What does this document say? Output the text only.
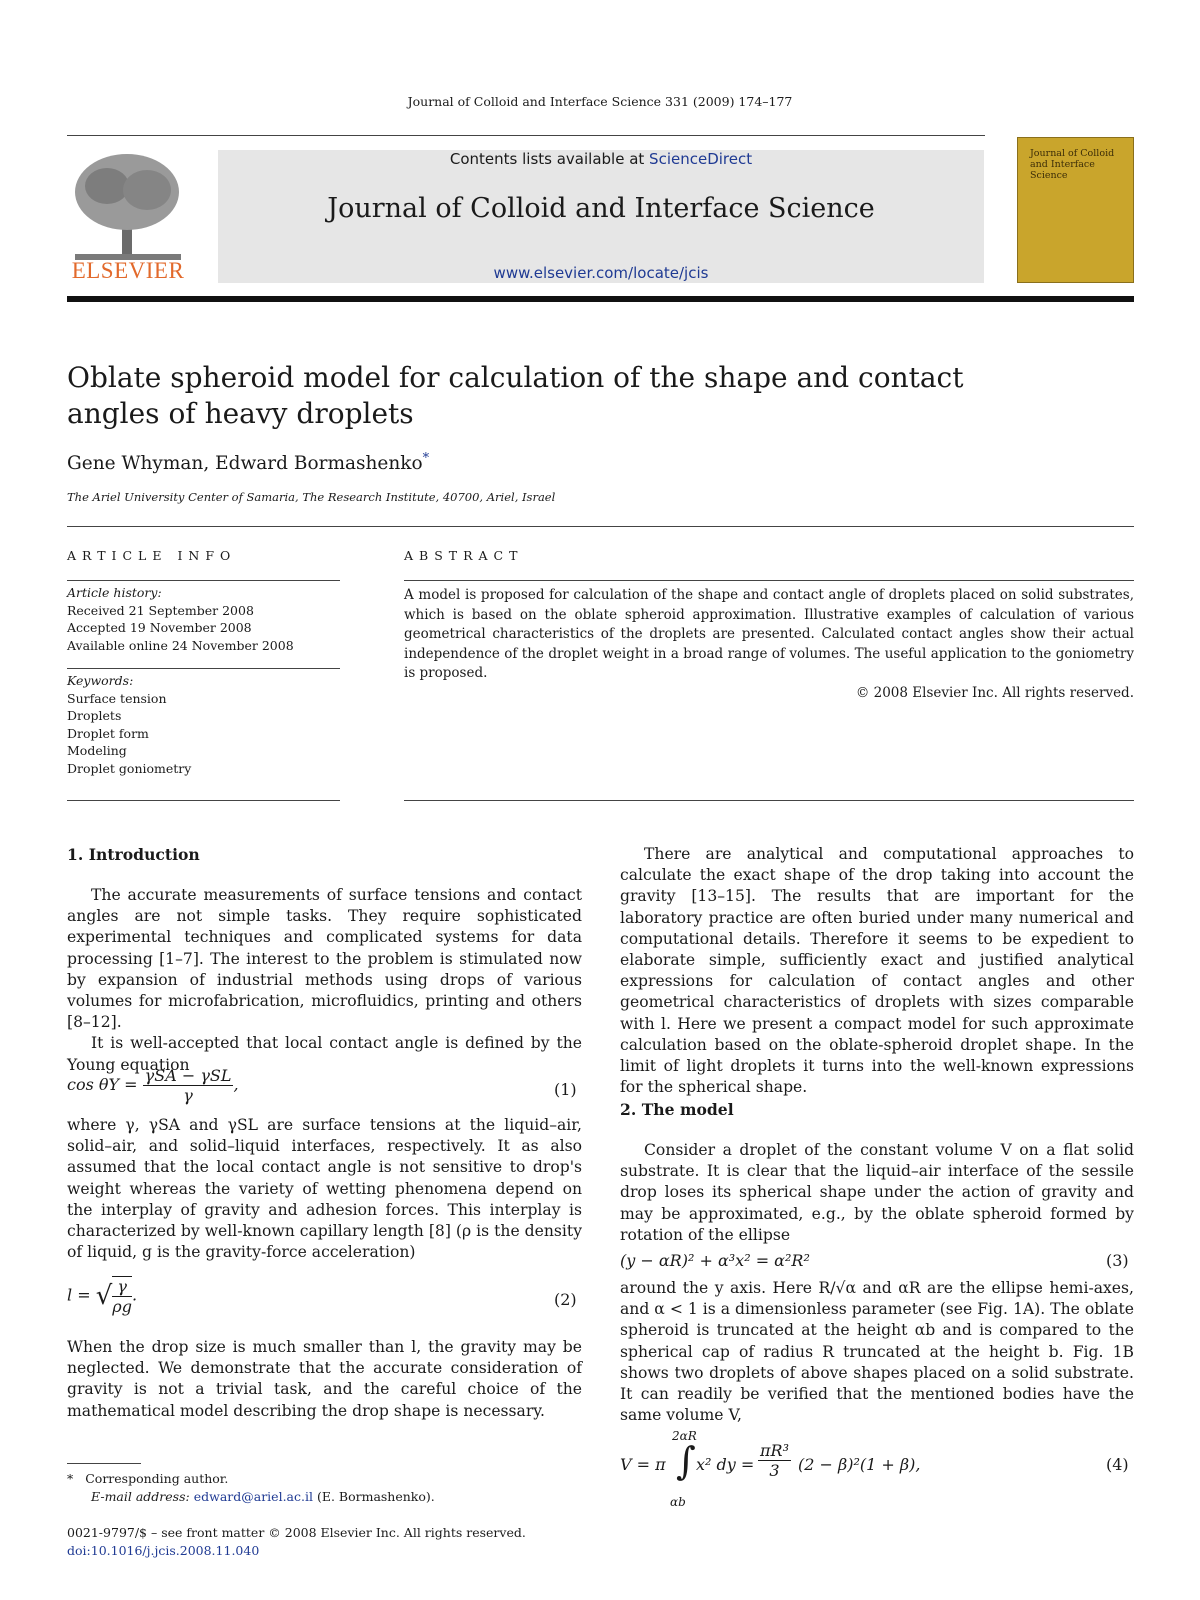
Journal of Colloid and Interface Science 331 (2009) 174–177
ELSEVIER
Contents lists available at ScienceDirect
Journal of Colloid and Interface Science
www.elsevier.com/locate/jcis
Journal of Colloid and Interface Science
Oblate spheroid model for calculation of the shape and contact angles of heavy droplets
Gene Whyman, Edward Bormashenko*
The Ariel University Center of Samaria, The Research Institute, 40700, Ariel, Israel
ARTICLE INFO	ABSTRACT
Article history:
Received 21 September 2008
Accepted 19 November 2008
Available online 24 November 2008
Keywords:
Surface tension
Droplets
Droplet form
Modeling
Droplet goniometry
A model is proposed for calculation of the shape and contact angle of droplets placed on solid substrates, which is based on the oblate spheroid approximation. Illustrative examples of calculation of various geometrical characteristics of the droplets are presented. Calculated contact angles show their actual independence of the droplet weight in a broad range of volumes. The useful application to the goniometry is proposed.
© 2008 Elsevier Inc. All rights reserved.
1. Introduction

The accurate measurements of surface tensions and contact angles are not simple tasks. They require sophisticated experimental techniques and complicated systems for data processing [1–7]. The interest to the problem is stimulated now by expansion of industrial methods using drops of various volumes for microfabrication, microfluidics, printing and others [8–12].

It is well-accepted that local contact angle is defined by the Young equation

$\cos \theta Y = \frac{\text{γSA − γSL}}{\gamma}$ ,	(1)

where γ, γSA and γSL are surface tensions at the liquid–air, solid–air, and solid–liquid interfaces, respectively. It as also assumed that the local contact angle is not sensitive to drop's weight whereas the variety of wetting phenomena depend on the interplay of gravity and adhesion forces. This interplay is characterized by well-known capillary length [8] (ρ is the density of liquid, g is the gravity-force acceleration)

l = √ $\frac{\gamma}{\rho g}$ .	(2)

When the drop size is much smaller than l, the gravity may be neglected. We demonstrate that the accurate consideration of gravity is not a trivial task, and the careful choice of the mathematical model describing the drop shape is necessary.

* Corresponding author.
E-mail address: edward@ariel.ac.il (E. Bormashenko).
0021-9797/$ – see front matter © 2008 Elsevier Inc. All rights reserved.
doi:10.1016/j.jcis.2008.11.040

There are analytical and computational approaches to calculate the exact shape of the drop taking into account the gravity [13–15]. The results that are important for the laboratory practice are often buried under many numerical and computational details. Therefore it seems to be expedient to elaborate simple, sufficiently exact and justified analytical expressions for calculation of contact angles and other geometrical characteristics of droplets with sizes comparable with l. Here we present a compact model for such approximate calculation based on the oblate-spheroid droplet shape. In the limit of light droplets it turns into the well-known expressions for the spherical shape.

2. The model

Consider a droplet of the constant volume V on a flat solid substrate. It is clear that the liquid–air interface of the sessile drop loses its spherical shape under the action of gravity and may be approximated, e.g., by the oblate spheroid formed by rotation of the ellipse

(y − αR)² + α³x² = α²R²	(3)

around the y axis. Here R/√α and αR are the ellipse hemi-axes, and α < 1 is a dimensionless parameter (see Fig. 1A). The oblate spheroid is truncated at the height αb and is compared to the spherical cap of radius R truncated at the height b. Fig. 1B shows two droplets of above shapes placed on a solid substrate. It can readily be verified that the mentioned bodies have the same volume V,

V = π
2αR
∫
αb
x² dy = $\frac{\text{πR³}}{3} (2 - \beta)^2(1 + \beta)$,	(4)
